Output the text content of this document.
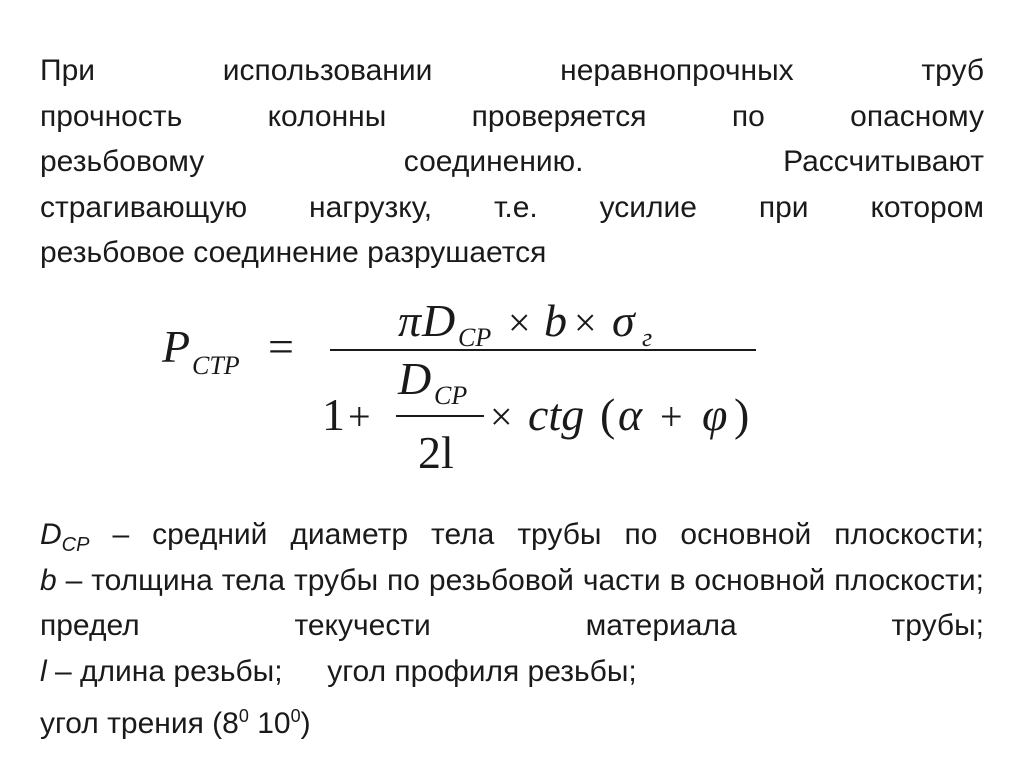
При	использовании	неравнопрочных	труб
прочность	колонны	проверяется	по	опасному
резьбовому	соединению.	Рассчитывают
страгивающую нагрузку, т.е. усилие при котором
резьбовое соединение разрушается
P СТР =
π D СР × b × σ г
1 +
D СР
2l
× ctg ( α + φ )
$D_{СР}$ – средний диаметр тела трубы по основной плоскости;
b – толщина тела трубы по резьбовой части в основной плоскости;
предел текучести материала трубы;
l – длина резьбы; угол профиля резьбы;
угол трения ($8^0$ $10^0$)
